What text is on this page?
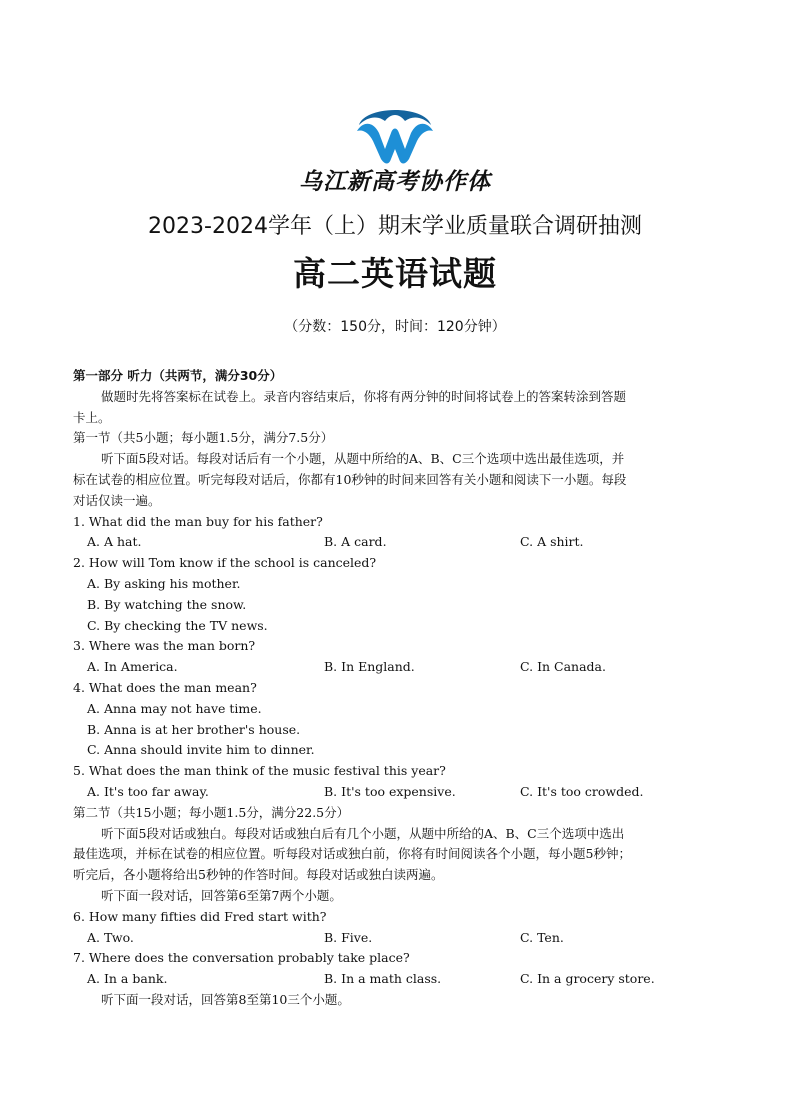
乌江新高考协作体
2023-2024学年（上）期末学业质量联合调研抽测
高二英语试题
（分数：150分，时间：120分钟）
第一部分 听力（共两节，满分30分）
做题时先将答案标在试卷上。录音内容结束后，你将有两分钟的时间将试卷上的答案转涂到答题
卡上。
第一节（共5小题；每小题1.5分，满分7.5分）
听下面5段对话。每段对话后有一个小题，从题中所给的A、B、C三个选项中选出最佳选项，并
标在试卷的相应位置。听完每段对话后，你都有10秒钟的时间来回答有关小题和阅读下一小题。每段
对话仅读一遍。
1. What did the man buy for his father?
A. A hat.	B. A card.	C. A shirt.
2. How will Tom know if the school is canceled?
A. By asking his mother.
B. By watching the snow.
C. By checking the TV news.
3. Where was the man born?
A. In America.	B. In England.	C. In Canada.
4. What does the man mean?
A. Anna may not have time.
B. Anna is at her brother's house.
C. Anna should invite him to dinner.
5. What does the man think of the music festival this year?
A. It's too far away.	B. It's too expensive.	C. It's too crowded.
第二节（共15小题；每小题1.5分，满分22.5分）
听下面5段对话或独白。每段对话或独白后有几个小题，从题中所给的A、B、C三个选项中选出
最佳选项，并标在试卷的相应位置。听每段对话或独白前，你将有时间阅读各个小题，每小题5秒钟；
听完后，各小题将给出5秒钟的作答时间。每段对话或独白读两遍。
听下面一段对话，回答第6至第7两个小题。
6. How many fifties did Fred start with?
A. Two.	B. Five.	C. Ten.
7. Where does the conversation probably take place?
A. In a bank.	B. In a math class.	C. In a grocery store.
听下面一段对话，回答第8至第10三个小题。
